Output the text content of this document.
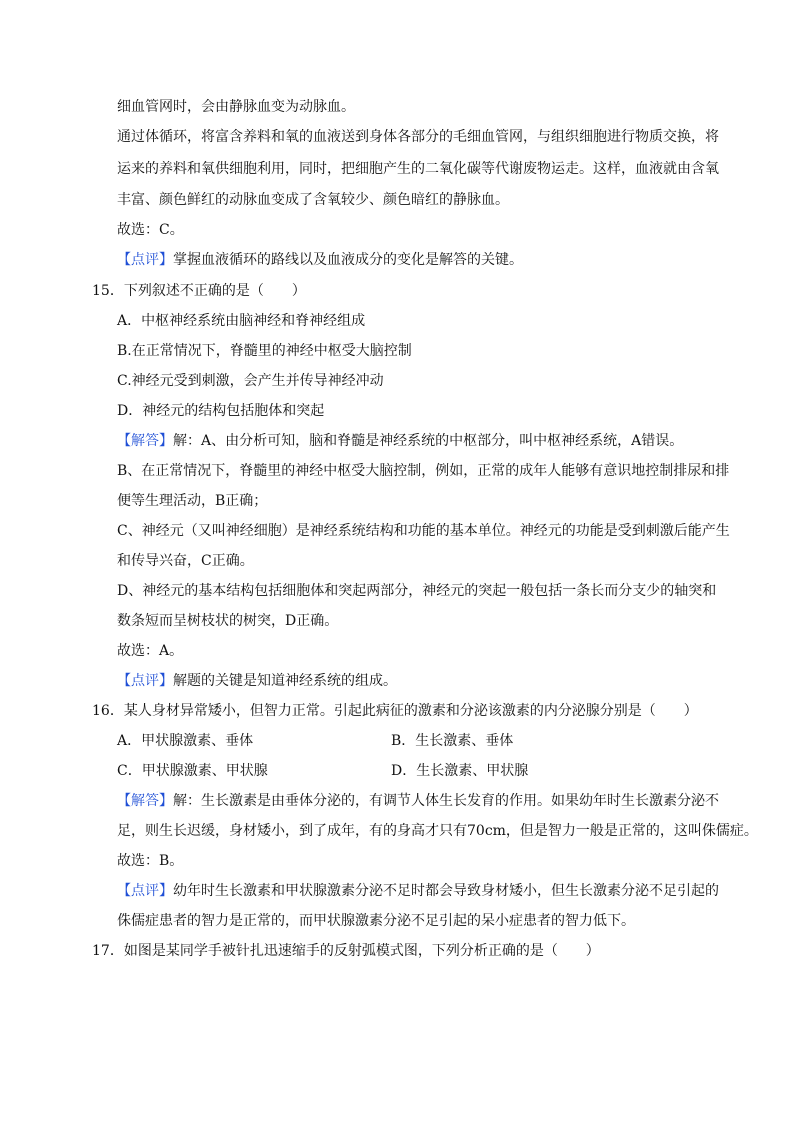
细血管网时，会由静脉血变为动脉血。
通过体循环，将富含养料和氧的血液送到身体各部分的毛细血管网，与组织细胞进行物质交换，将
运来的养料和氧供细胞利用，同时，把细胞产生的二氧化碳等代谢废物运走。这样，血液就由含氧
丰富、颜色鲜红的动脉血变成了含氧较少、颜色暗红的静脉血。
故选：C。
【点评】掌握血液循环的路线以及血液成分的变化是解答的关键。
15．下列叙述不正确的是（　　）
A．中枢神经系统由脑神经和脊神经组成
B.在正常情况下，脊髓里的神经中枢受大脑控制
C.神经元受到刺激，会产生并传导神经冲动
D．神经元的结构包括胞体和突起
【解答】解：A、由分析可知，脑和脊髓是神经系统的中枢部分，叫中枢神经系统，A错误。
B、在正常情况下，脊髓里的神经中枢受大脑控制，例如，正常的成年人能够有意识地控制排尿和排
便等生理活动，B正确；
C、神经元（又叫神经细胞）是神经系统结构和功能的基本单位。神经元的功能是受到刺激后能产生
和传导兴奋，C正确。
D、神经元的基本结构包括细胞体和突起两部分，神经元的突起一般包括一条长而分支少的轴突和
数条短而呈树枝状的树突，D正确。
故选：A。
【点评】解题的关键是知道神经系统的组成。
16．某人身材异常矮小，但智力正常。引起此病征的激素和分泌该激素的内分泌腺分别是（　　）
A．甲状腺激素、垂体	B．生长激素、垂体
C．甲状腺激素、甲状腺	D．生长激素、甲状腺
【解答】解：生长激素是由垂体分泌的，有调节人体生长发育的作用。如果幼年时生长激素分泌不
足，则生长迟缓，身材矮小，到了成年，有的身高才只有70cm，但是智力一般是正常的，这叫侏儒症。
故选：B。
【点评】幼年时生长激素和甲状腺激素分泌不足时都会导致身材矮小，但生长激素分泌不足引起的
侏儒症患者的智力是正常的，而甲状腺激素分泌不足引起的呆小症患者的智力低下。
17．如图是某同学手被针扎迅速缩手的反射弧模式图，下列分析正确的是（　　）
